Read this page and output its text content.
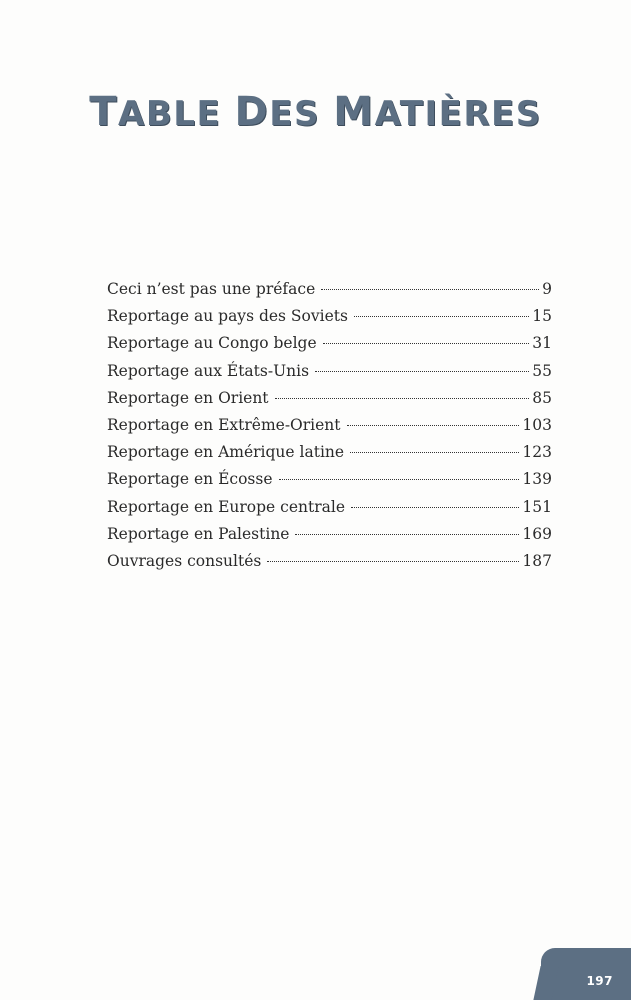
TABLE DES MATIÈRES
Ceci n’est pas une préface	9
Reportage au pays des Soviets	15
Reportage au Congo belge	31
Reportage aux États-Unis	55
Reportage en Orient	85
Reportage en Extrême-Orient	103
Reportage en Amérique latine	123
Reportage en Écosse	139
Reportage en Europe centrale	151
Reportage en Palestine	169
Ouvrages consultés	187
197
